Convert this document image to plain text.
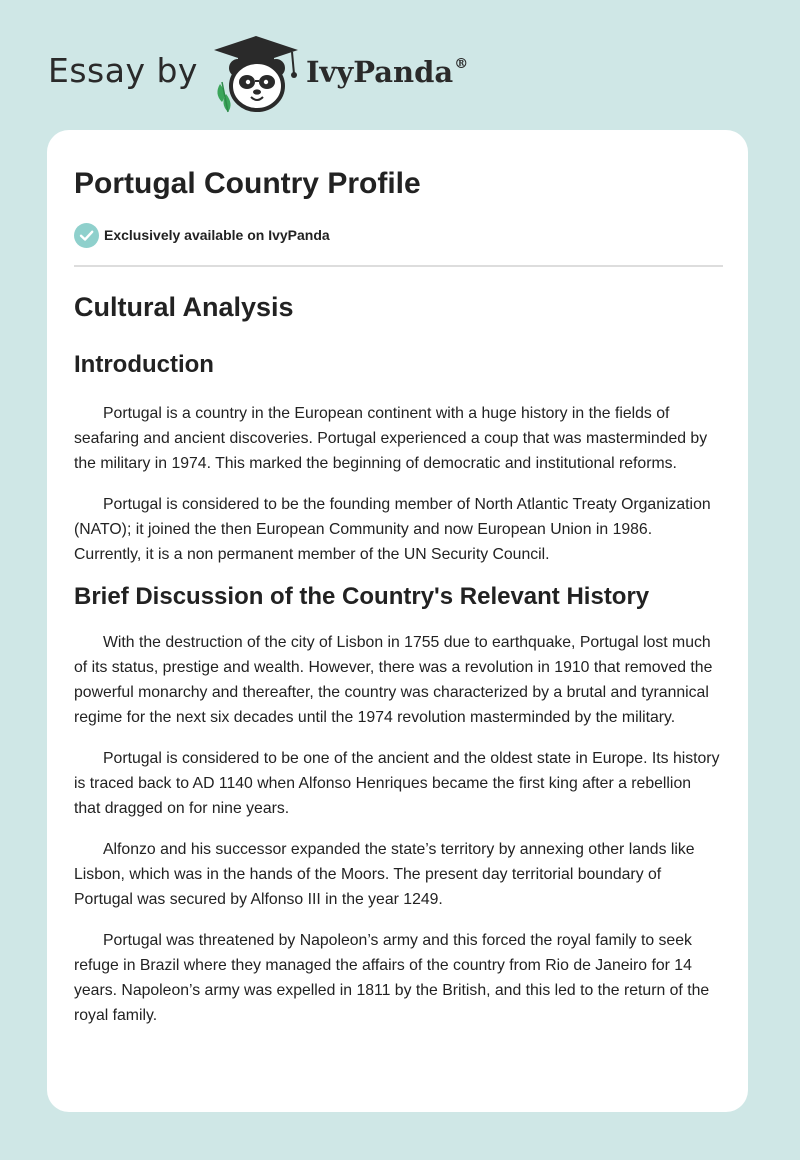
Essay by	IvyPanda®
Portugal Country Profile
Exclusively available on IvyPanda
Cultural Analysis
Introduction

Portugal is a country in the European continent with a huge history in the fields of seafaring and ancient discoveries. Portugal experienced a coup that was masterminded by the military in 1974. This marked the beginning of democratic and institutional reforms.

Portugal is considered to be the founding member of North Atlantic Treaty Organization (NATO); it joined the then European Community and now European Union in 1986. Currently, it is a non permanent member of the UN Security Council.

Brief Discussion of the Country's Relevant History

With the destruction of the city of Lisbon in 1755 due to earthquake, Portugal lost much of its status, prestige and wealth. However, there was a revolution in 1910 that removed the powerful monarchy and thereafter, the country was characterized by a brutal and tyrannical regime for the next six decades until the 1974 revolution masterminded by the military.

Portugal is considered to be one of the ancient and the oldest state in Europe. Its history is traced back to AD 1140 when Alfonso Henriques became the first king after a rebellion that dragged on for nine years.

Alfonzo and his successor expanded the state’s territory by annexing other lands like Lisbon, which was in the hands of the Moors. The present day territorial boundary of Portugal was secured by Alfonso III in the year 1249.

Portugal was threatened by Napoleon’s army and this forced the royal family to seek refuge in Brazil where they managed the affairs of the country from Rio de Janeiro for 14 years. Napoleon’s army was expelled in 1811 by the British, and this led to the return of the royal family.
